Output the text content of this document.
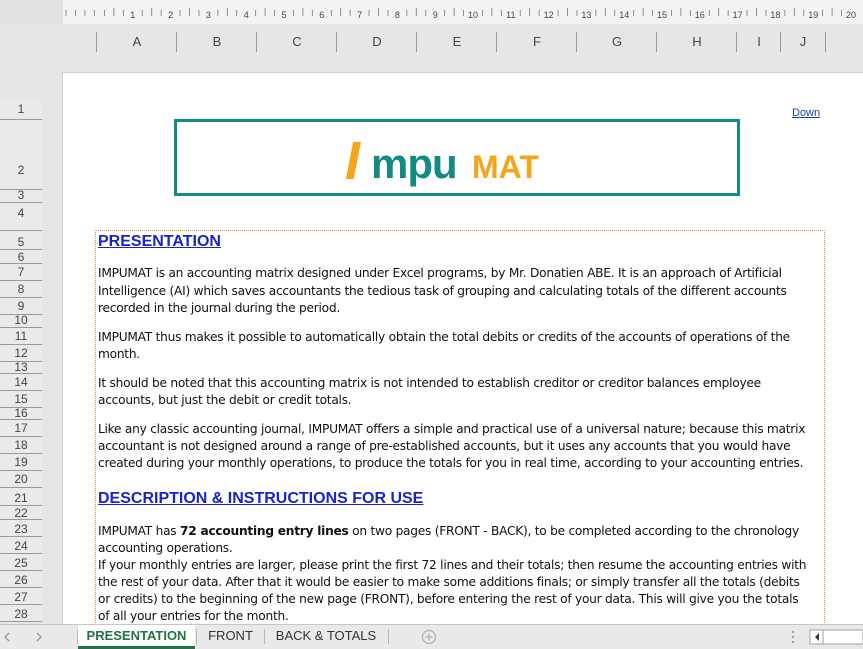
1	2	3	4	5	6	7	8	9	10	11	12	13	14	15	16	17	18	19	20
A	B	C	D	E	F	G	H	I	J
1
2
3
4
5
6
7
8
9
10
11
12
13
14
15
16
17
18
19
20
21
22
23
24
25
26
27
28
Down
I mpu MAT
PRESENTATION
IMPUMAT is an accounting matrix designed under Excel programs, by Mr. Donatien ABE. It is an approach of Artificial
Intelligence (AI) which saves accountants the tedious task of grouping and calculating totals of the different accounts
recorded in the journal during the period.
IMPUMAT thus makes it possible to automatically obtain the total debits or credits of the accounts of operations of the
month.
It should be noted that this accounting matrix is not intended to establish creditor or creditor balances employee
accounts, but just the debit or credit totals.
Like any classic accounting journal, IMPUMAT offers a simple and practical use of a universal nature; because this matrix
accountant is not designed around a range of pre-established accounts, but it uses any accounts that you would have
created during your monthly operations, to produce the totals for you in real time, according to your accounting entries.
DESCRIPTION & INSTRUCTIONS FOR USE
IMPUMAT has 72 accounting entry lines on two pages (FRONT - BACK), to be completed according to the chronology
accounting operations.
If your monthly entries are larger, please print the first 72 lines and their totals; then resume the accounting entries with
the rest of your data. After that it would be easier to make some additions finals; or simply transfer all the totals (debits
or credits) to the beginning of the new page (FRONT), before entering the rest of your data. This will give you the totals
of all your entries for the month.
PRESENTATION	FRONT	BACK & TOTALS
